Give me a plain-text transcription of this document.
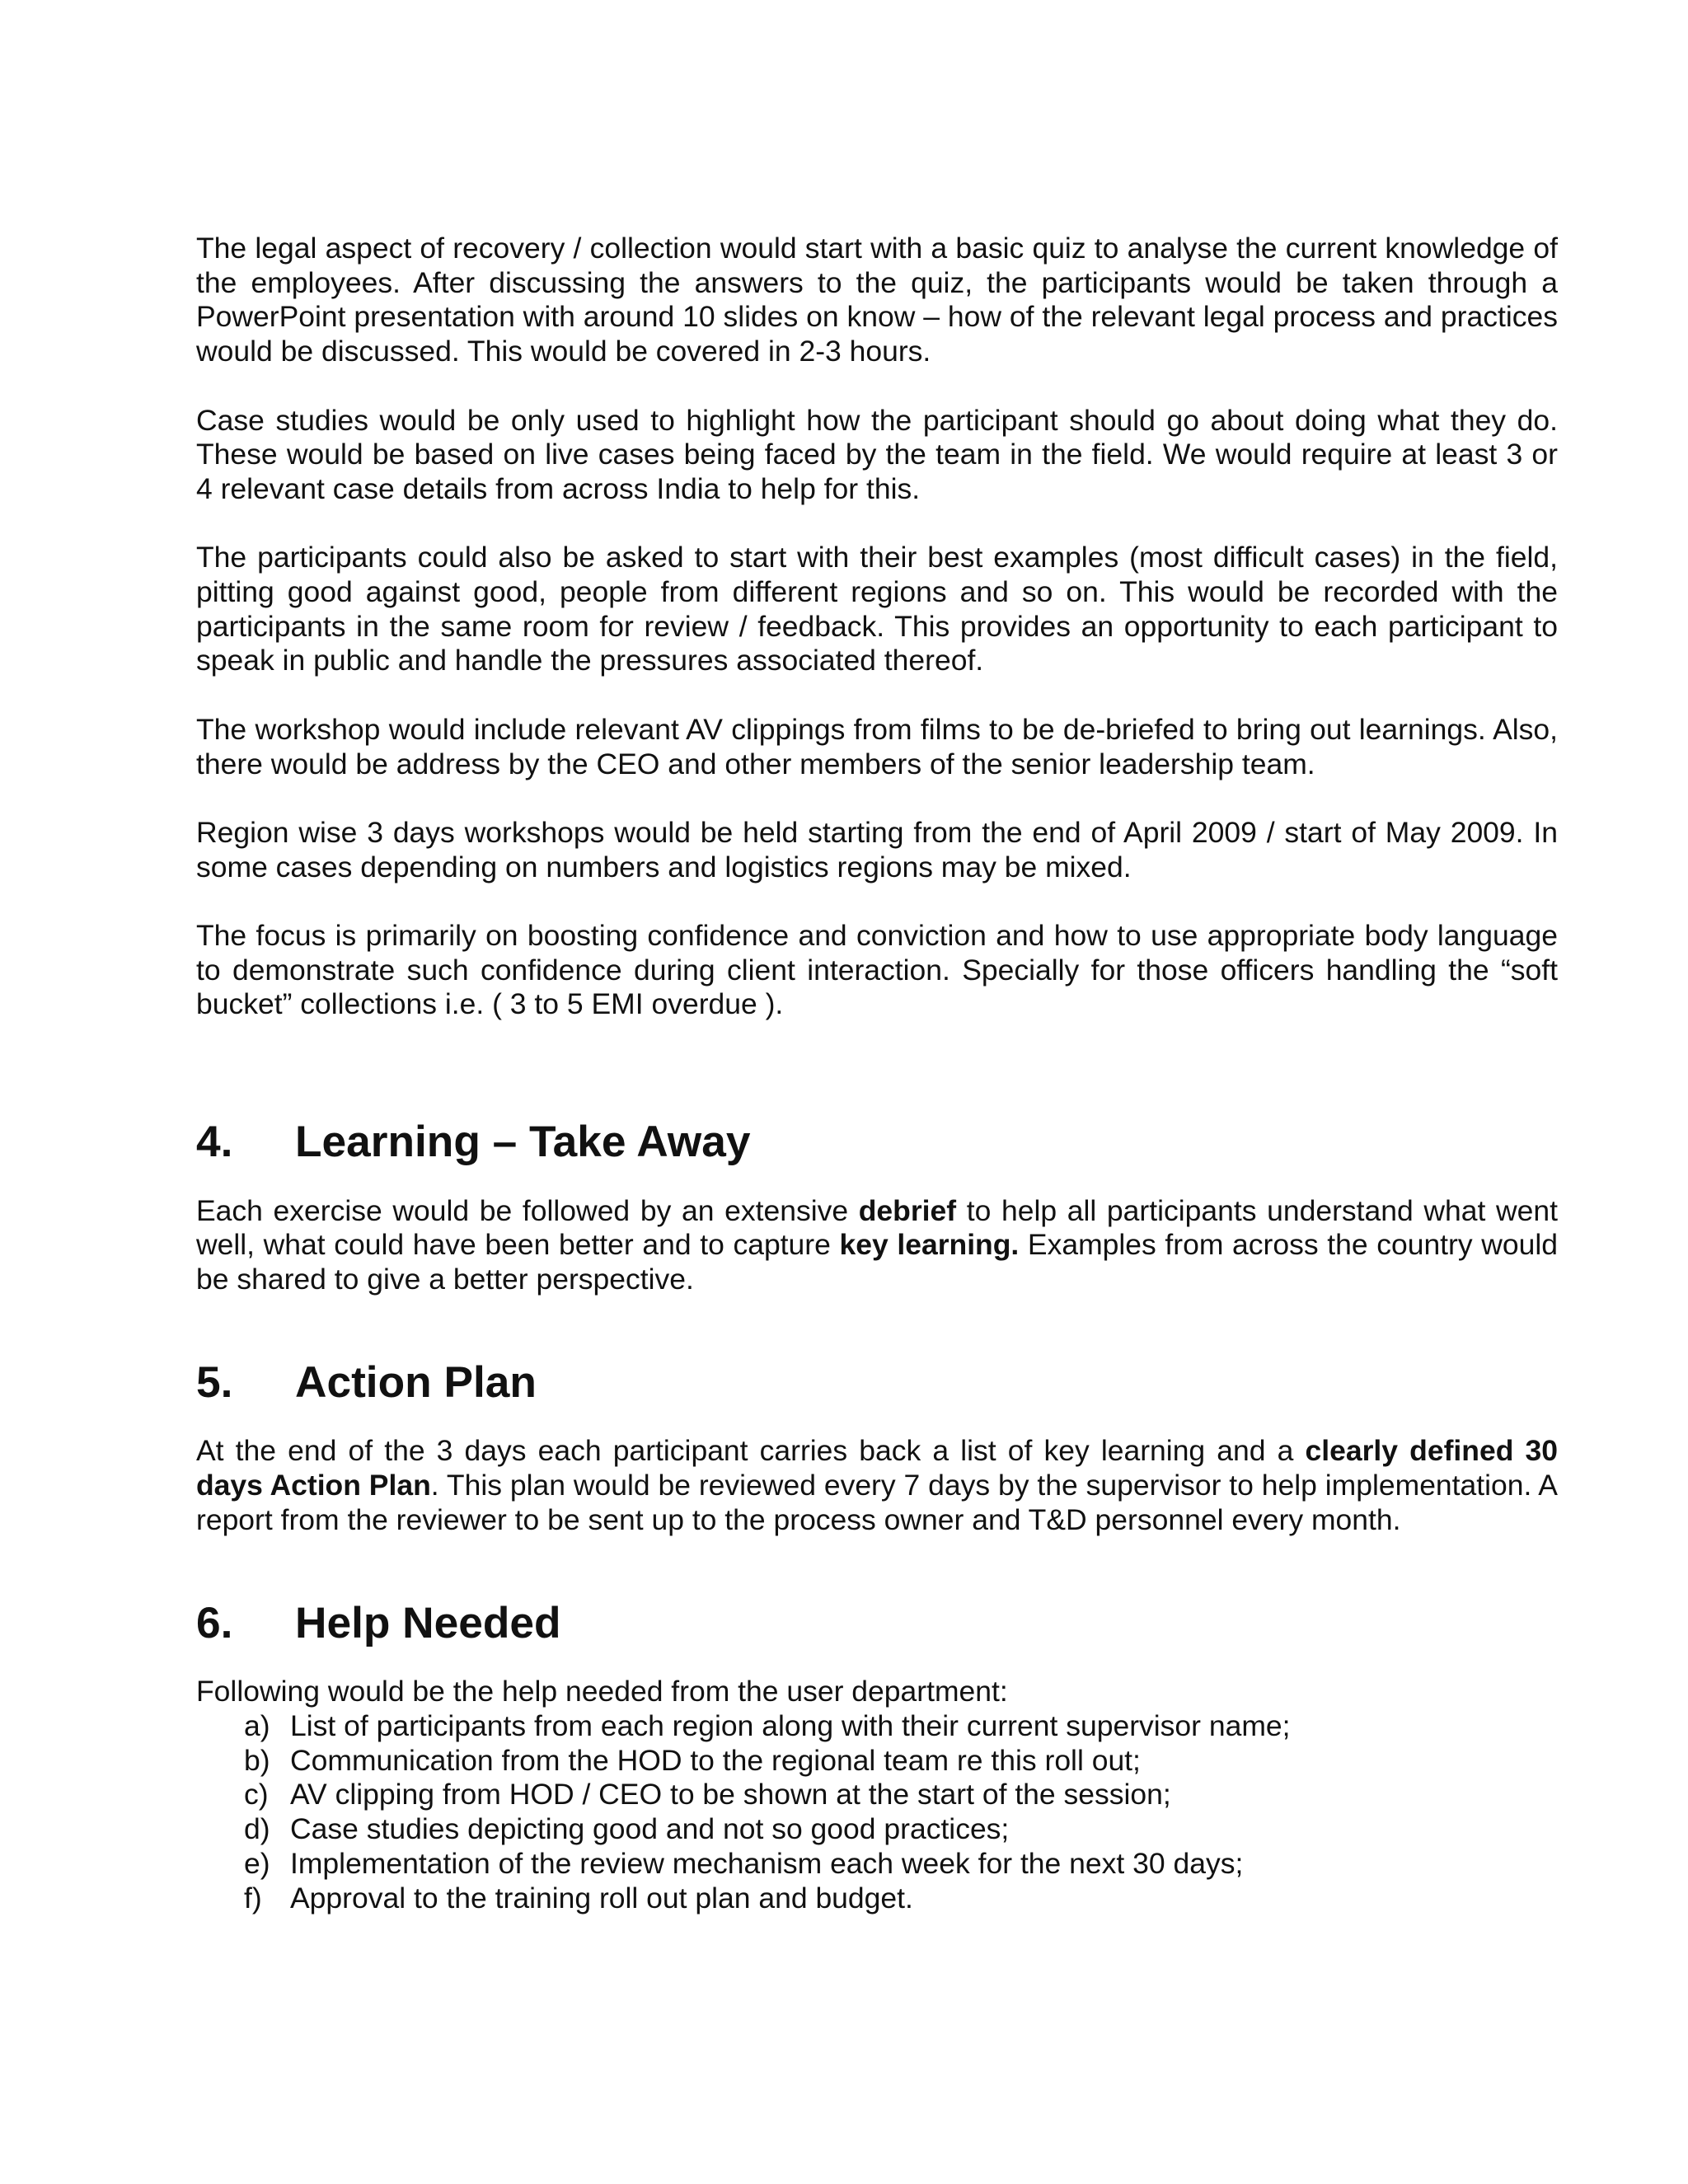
The legal aspect of recovery / collection would start with a basic quiz to analyse the current knowledge of the employees. After discussing the answers to the quiz, the participants would be taken through a PowerPoint presentation with around 10 slides on know – how of the relevant legal process and practices would be discussed. This would be covered in 2-3 hours.

Case studies would be only used to highlight how the participant should go about doing what they do. These would be based on live cases being faced by the team in the field. We would require at least 3 or 4 relevant case details from across India to help for this.

The participants could also be asked to start with their best examples (most difficult cases) in the field, pitting good against good, people from different regions and so on. This would be recorded with the participants in the same room for review / feedback. This provides an opportunity to each participant to speak in public and handle the pressures associated thereof.

The workshop would include relevant AV clippings from films to be de-briefed to bring out learnings. Also, there would be address by the CEO and other members of the senior leadership team.

Region wise 3 days workshops would be held starting from the end of April 2009 / start of May 2009. In some cases depending on numbers and logistics regions may be mixed.

The focus is primarily on boosting confidence and conviction and how to use appropriate body language to demonstrate such confidence during client interaction. Specially for those officers handling the “soft bucket” collections i.e. ( 3 to 5 EMI overdue ).

4.	Learning – Take Away

Each exercise would be followed by an extensive debrief to help all participants understand what went well, what could have been better and to capture key learning. Examples from across the country would be shared to give a better perspective.

5.	Action Plan

At the end of the 3 days each participant carries back a list of key learning and a clearly defined 30 days Action Plan. This plan would be reviewed every 7 days by the supervisor to help implementation. A report from the reviewer to be sent up to the process owner and T&D personnel every month.

6.	Help Needed

Following would be the help needed from the user department:

a) List of participants from each region along with their current supervisor name;
b) Communication from the HOD to the regional team re this roll out;
c) AV clipping from HOD / CEO to be shown at the start of the session;
d) Case studies depicting good and not so good practices;
e) Implementation of the review mechanism each week for the next 30 days;
f) Approval to the training roll out plan and budget.
